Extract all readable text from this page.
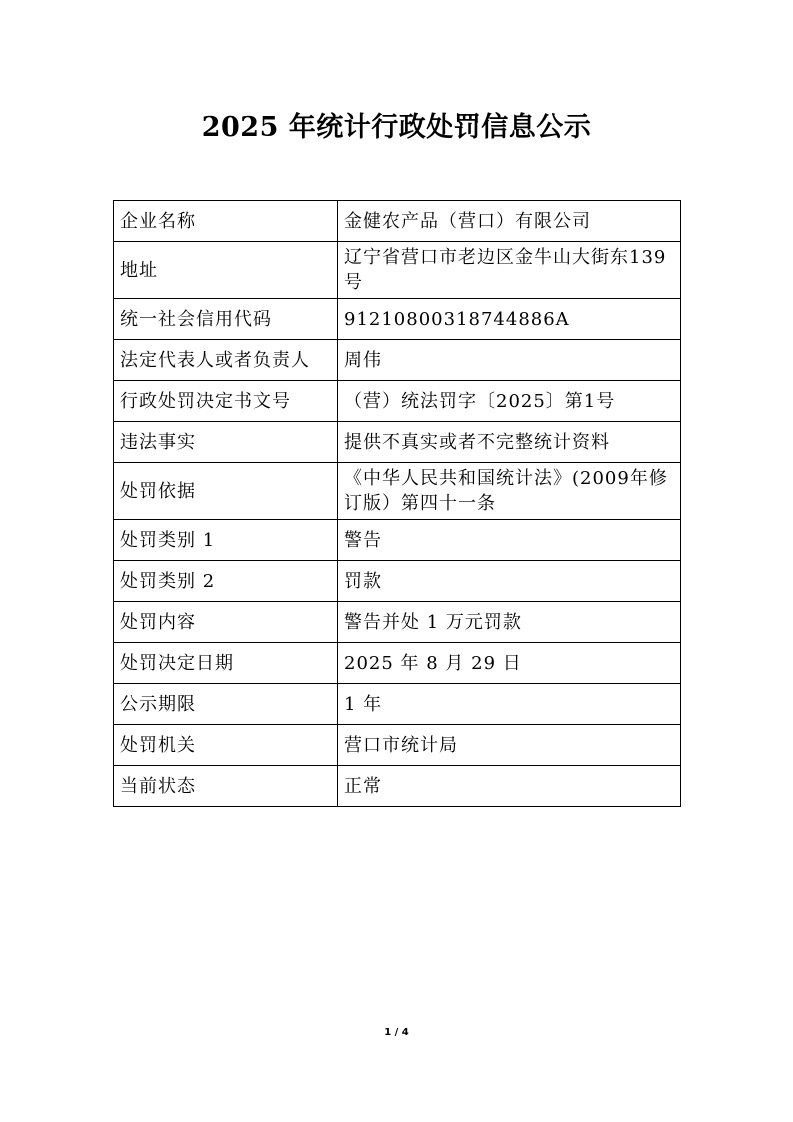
2025 年统计行政处罚信息公示
企业名称	金健农产品（营口）有限公司
地址	辽宁省营口市老边区金牛山大街东139号
统一社会信用代码	91210800318744886A
法定代表人或者负责人	周伟
行政处罚决定书文号	（营）统法罚字〔2025〕第1号
违法事实	提供不真实或者不完整统计资料
处罚依据	《中华人民共和国统计法》(2009年修订版）第四十一条
处罚类别 1	警告
处罚类别 2	罚款
处罚内容	警告并处 1 万元罚款
处罚决定日期	2025 年 8 月 29 日
公示期限	1 年
处罚机关	营口市统计局
当前状态	正常
1 / 4
